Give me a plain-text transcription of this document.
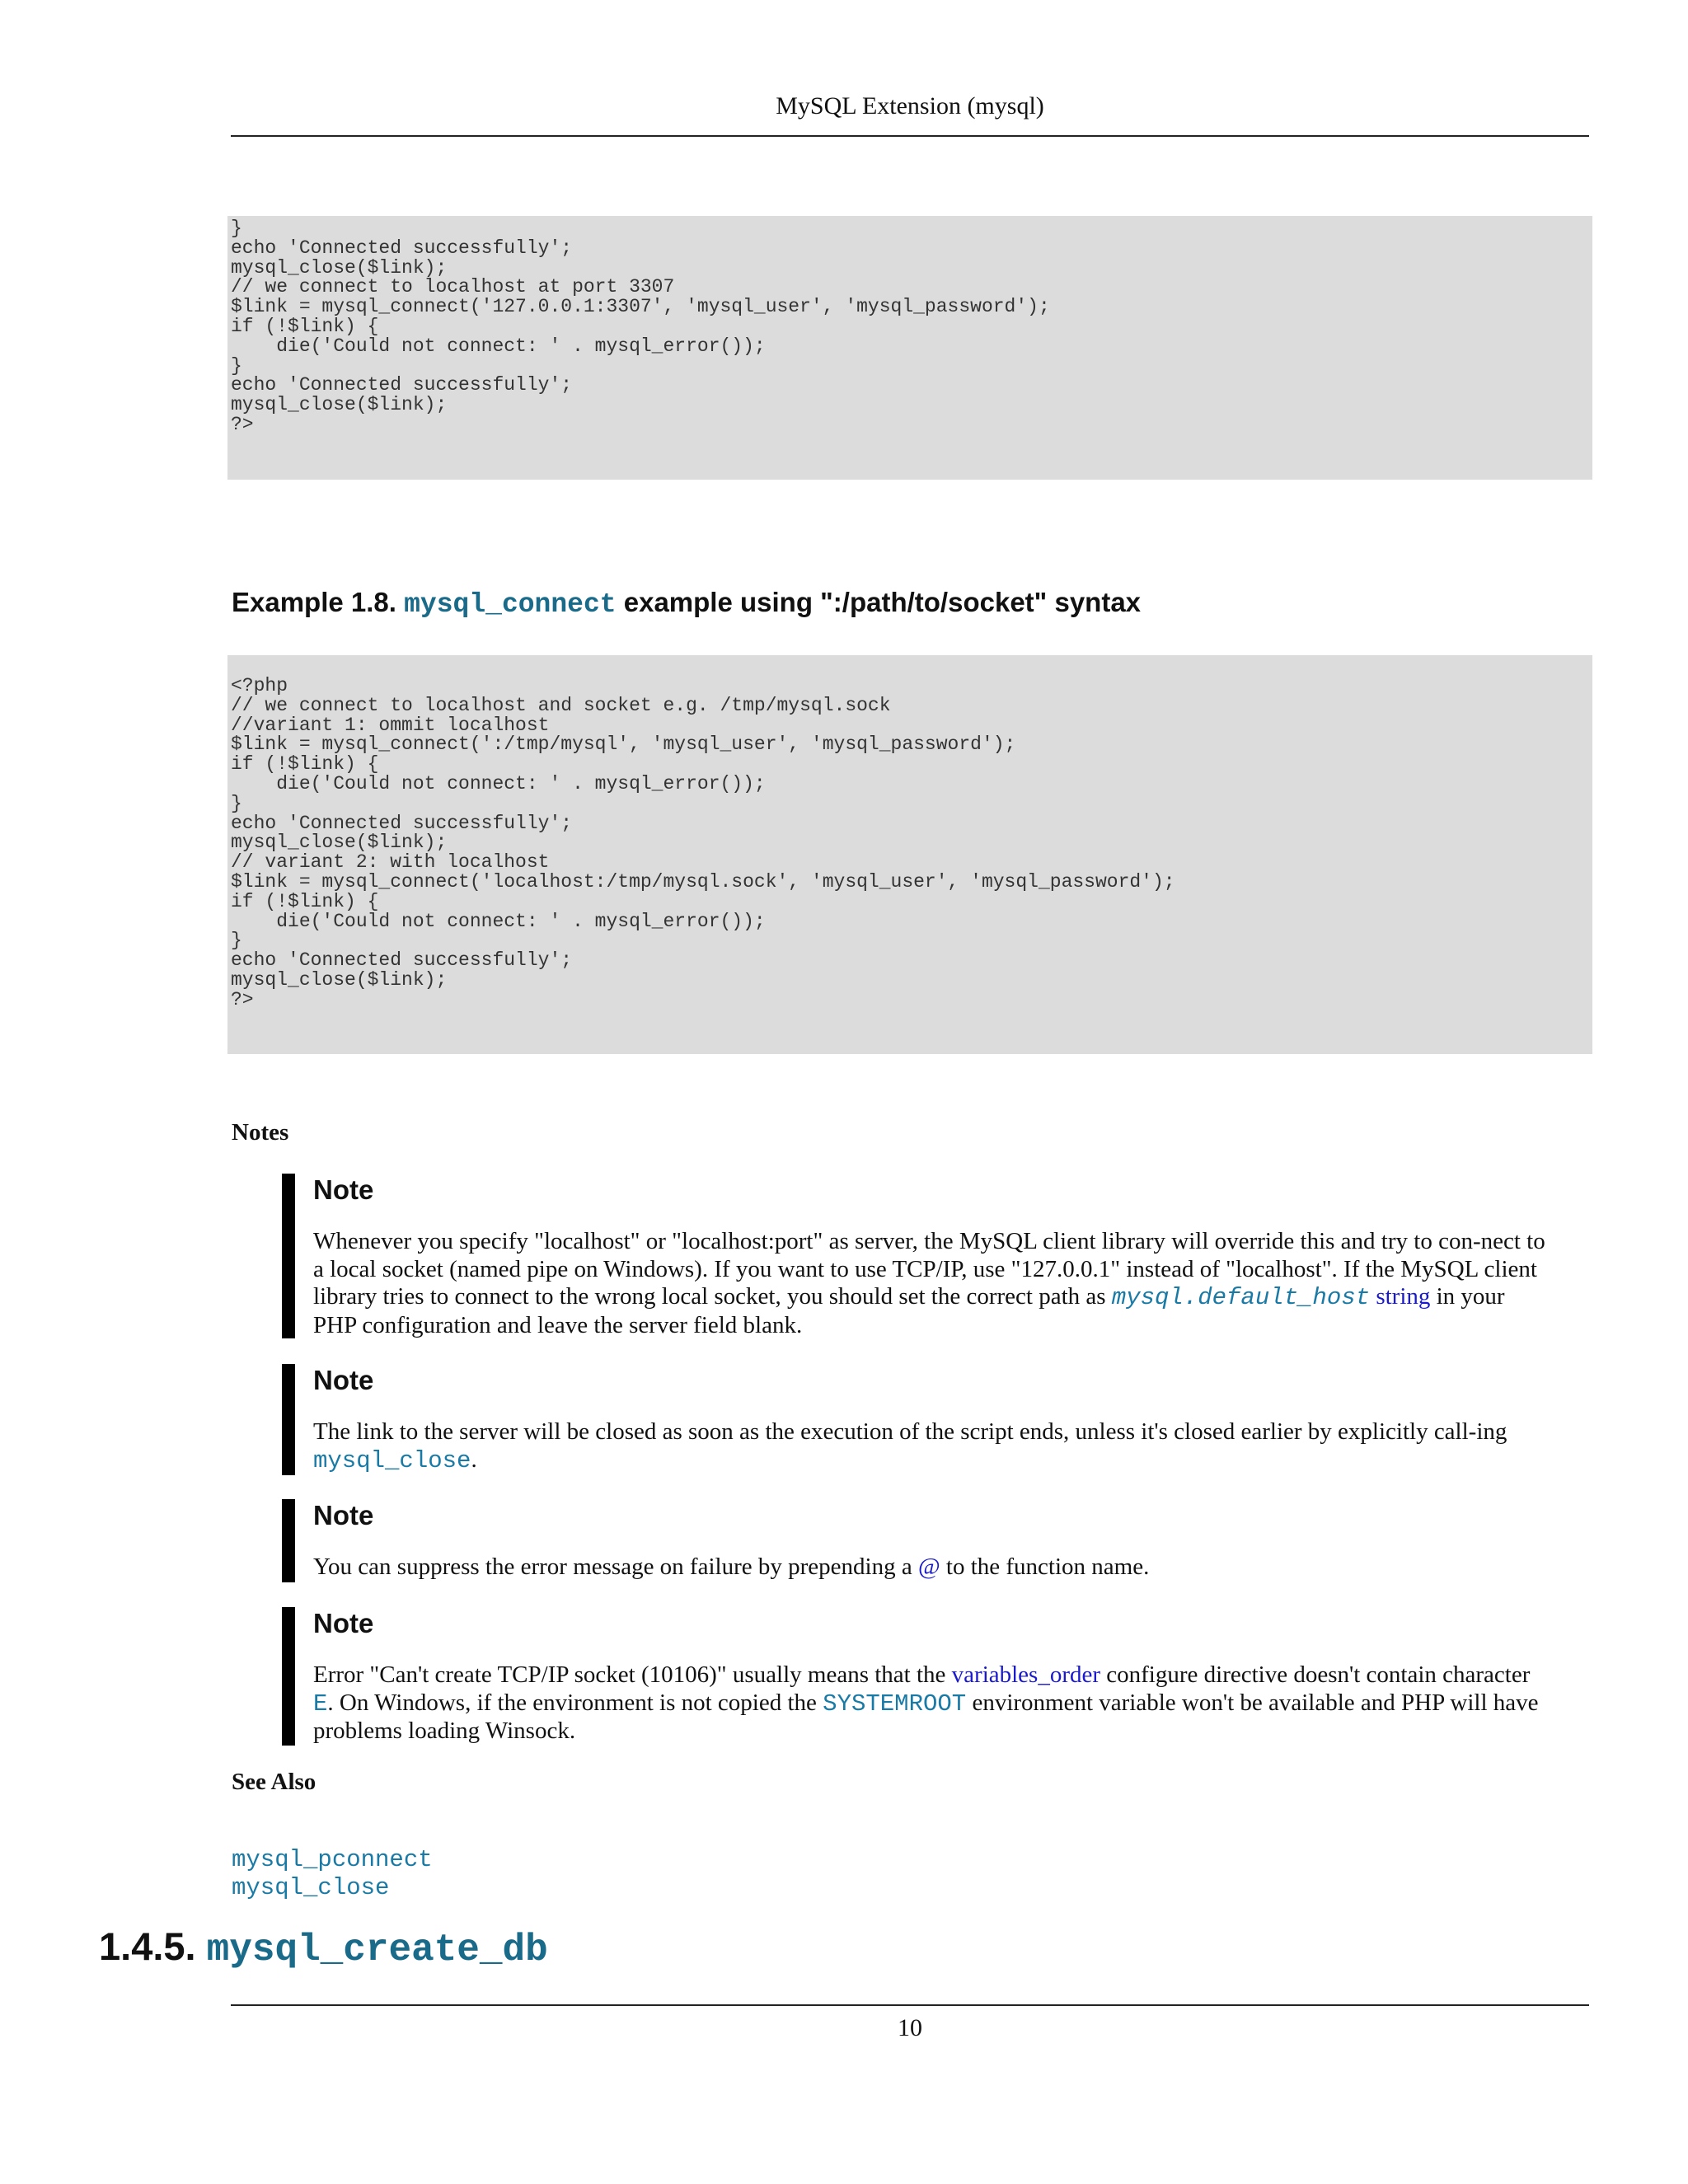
MySQL Extension (mysql)
}
echo 'Connected successfully';
mysql_close($link);
// we connect to localhost at port 3307
$link = mysql_connect('127.0.0.1:3307', 'mysql_user', 'mysql_password');
if (!$link) {
die('Could not connect: ' . mysql_error());
}
echo 'Connected successfully';
mysql_close($link);
?>
Example 1.8. mysql_connect example using ":/path/to/socket" syntax
<?php
// we connect to localhost and socket e.g. /tmp/mysql.sock
//variant 1: ommit localhost
$link = mysql_connect(':/tmp/mysql', 'mysql_user', 'mysql_password');
if (!$link) {
die('Could not connect: ' . mysql_error());
}
echo 'Connected successfully';
mysql_close($link);
// variant 2: with localhost
$link = mysql_connect('localhost:/tmp/mysql.sock', 'mysql_user', 'mysql_password');
if (!$link) {
die('Could not connect: ' . mysql_error());
}
echo 'Connected successfully';
mysql_close($link);
?>
Notes
Note
Whenever you specify "localhost" or "localhost:port" as server, the MySQL client library will override this and try to con-nect to a local socket (named pipe on Windows). If you want to use TCP/IP, use "127.0.0.1" instead of "localhost". If the MySQL client library tries to connect to the wrong local socket, you should set the correct path as mysql.default_host string in your PHP configuration and leave the server field blank.
Note
The link to the server will be closed as soon as the execution of the script ends, unless it's closed earlier by explicitly call-ing mysql_close.
Note
You can suppress the error message on failure by prepending a @ to the function name.
Note
Error "Can't create TCP/IP socket (10106)" usually means that the variables_order configure directive doesn't contain character E. On Windows, if the environment is not copied the SYSTEMROOT environment variable won't be available and PHP will have problems loading Winsock.
See Also
mysql_pconnect
mysql_close
1.4.5. mysql_create_db
10
